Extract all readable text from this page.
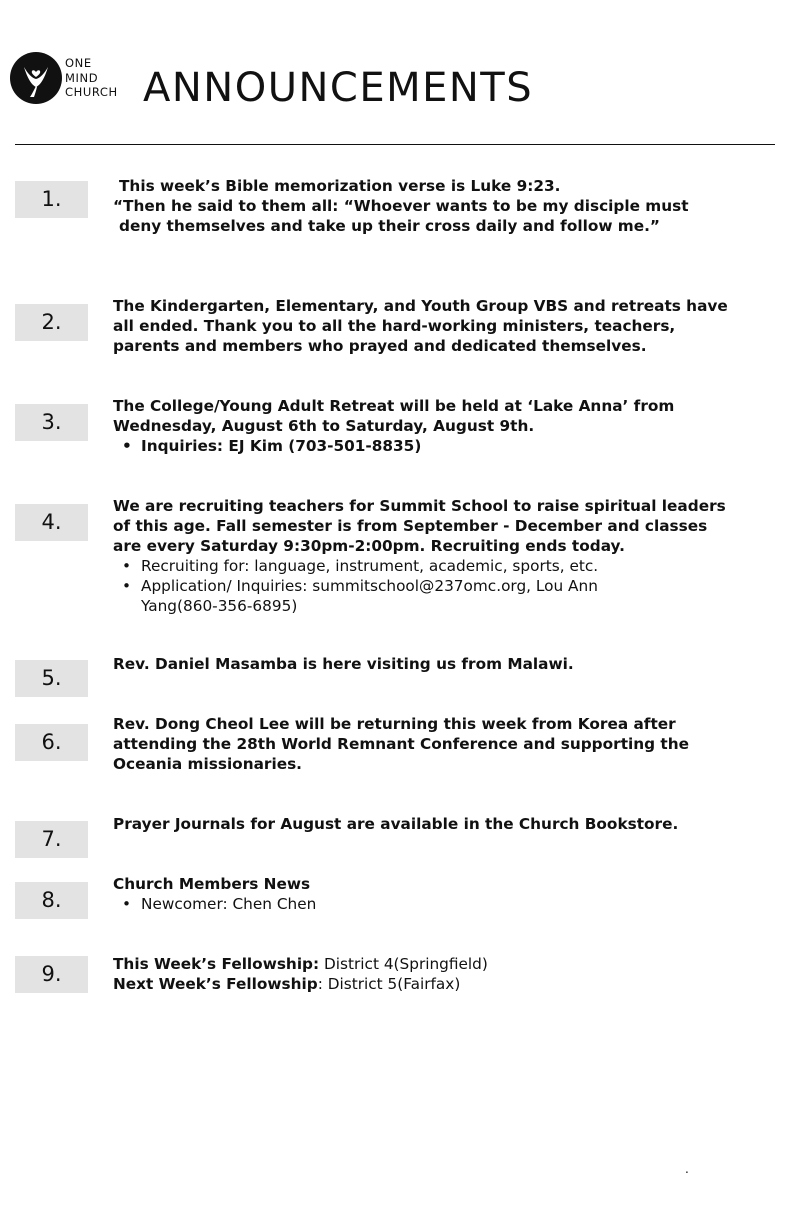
ONE
MIND
CHURCH ANNOUNCEMENTS
1.
This week’s Bible memorization verse is Luke 9:23.
“Then he said to them all: “Whoever wants to be my disciple must
deny themselves and take up their cross daily and follow me.”
2.
The Kindergarten, Elementary, and Youth Group VBS and retreats have
all ended. Thank you to all the hard-working ministers, teachers,
parents and members who prayed and dedicated themselves.
3.
The College/Young Adult Retreat will be held at ‘Lake Anna’ from
Wednesday, August 6th to Saturday, August 9th.
• Inquiries: EJ Kim (703-501-8835)
4.
We are recruiting teachers for Summit School to raise spiritual leaders
of this age. Fall semester is from September - December and classes
are every Saturday 9:30pm-2:00pm. Recruiting ends today.
• Recruiting for: language, instrument, academic, sports, etc.
• Application/ Inquiries: summitschool@237omc.org, Lou Ann Yang(860-356-6895)
5.
Rev. Daniel Masamba is here visiting us from Malawi.
6.
Rev. Dong Cheol Lee will be returning this week from Korea after
attending the 28th World Remnant Conference and supporting the
Oceania missionaries.
7.
Prayer Journals for August are available in the Church Bookstore.
8.
Church Members News
• Newcomer: Chen Chen
9.	This Week’s Fellowship: District 4(Springfield)
Next Week’s Fellowship: District 5(Fairfax)
.
